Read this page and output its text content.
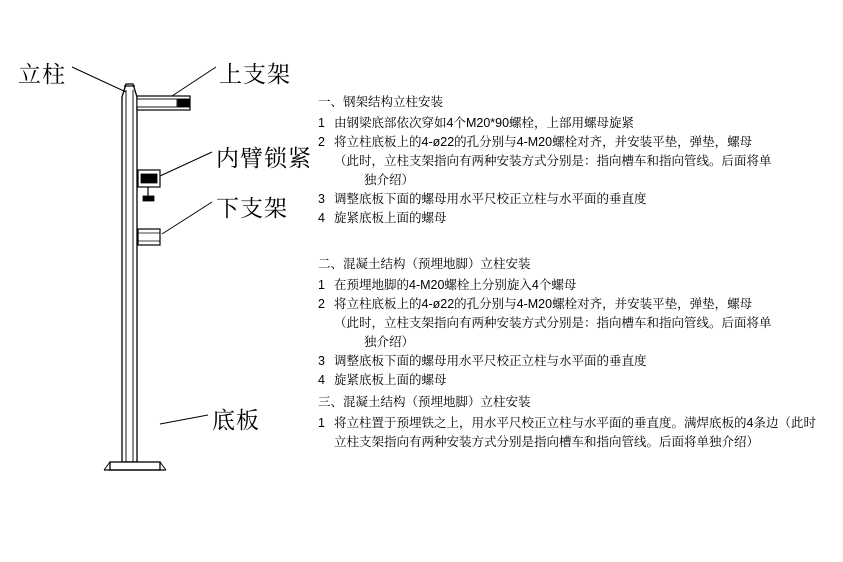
立柱	上支架
内臂锁紧
下支架
底板
一、钢架结构立柱安装
1 由钢梁底部依次穿如4个M20*90螺栓，上部用螺母旋紧
2 将立柱底板上的4-ø22的孔分别与4-M20螺栓对齐，并安装平垫，弹垫，螺母
（此时，立柱支架指向有两种安装方式分别是：指向槽车和指向管线。后面将单
独介绍）
3 调整底板下面的螺母用水平尺校正立柱与水平面的垂直度
4 旋紧底板上面的螺母
二、混凝土结构（预埋地脚）立柱安装
1 在预埋地脚的4-M20螺栓上分别旋入4个螺母
2 将立柱底板上的4-ø22的孔分别与4-M20螺栓对齐，并安装平垫，弹垫，螺母
（此时，立柱支架指向有两种安装方式分别是：指向槽车和指向管线。后面将单
独介绍）
3 调整底板下面的螺母用水平尺校正立柱与水平面的垂直度
4 旋紧底板上面的螺母
三、混凝土结构（预埋地脚）立柱安装
1 将立柱置于预埋铁之上，用水平尺校正立柱与水平面的垂直度。满焊底板的4条边（此时
立柱支架指向有两种安装方式分别是指向槽车和指向管线。后面将单独介绍）
